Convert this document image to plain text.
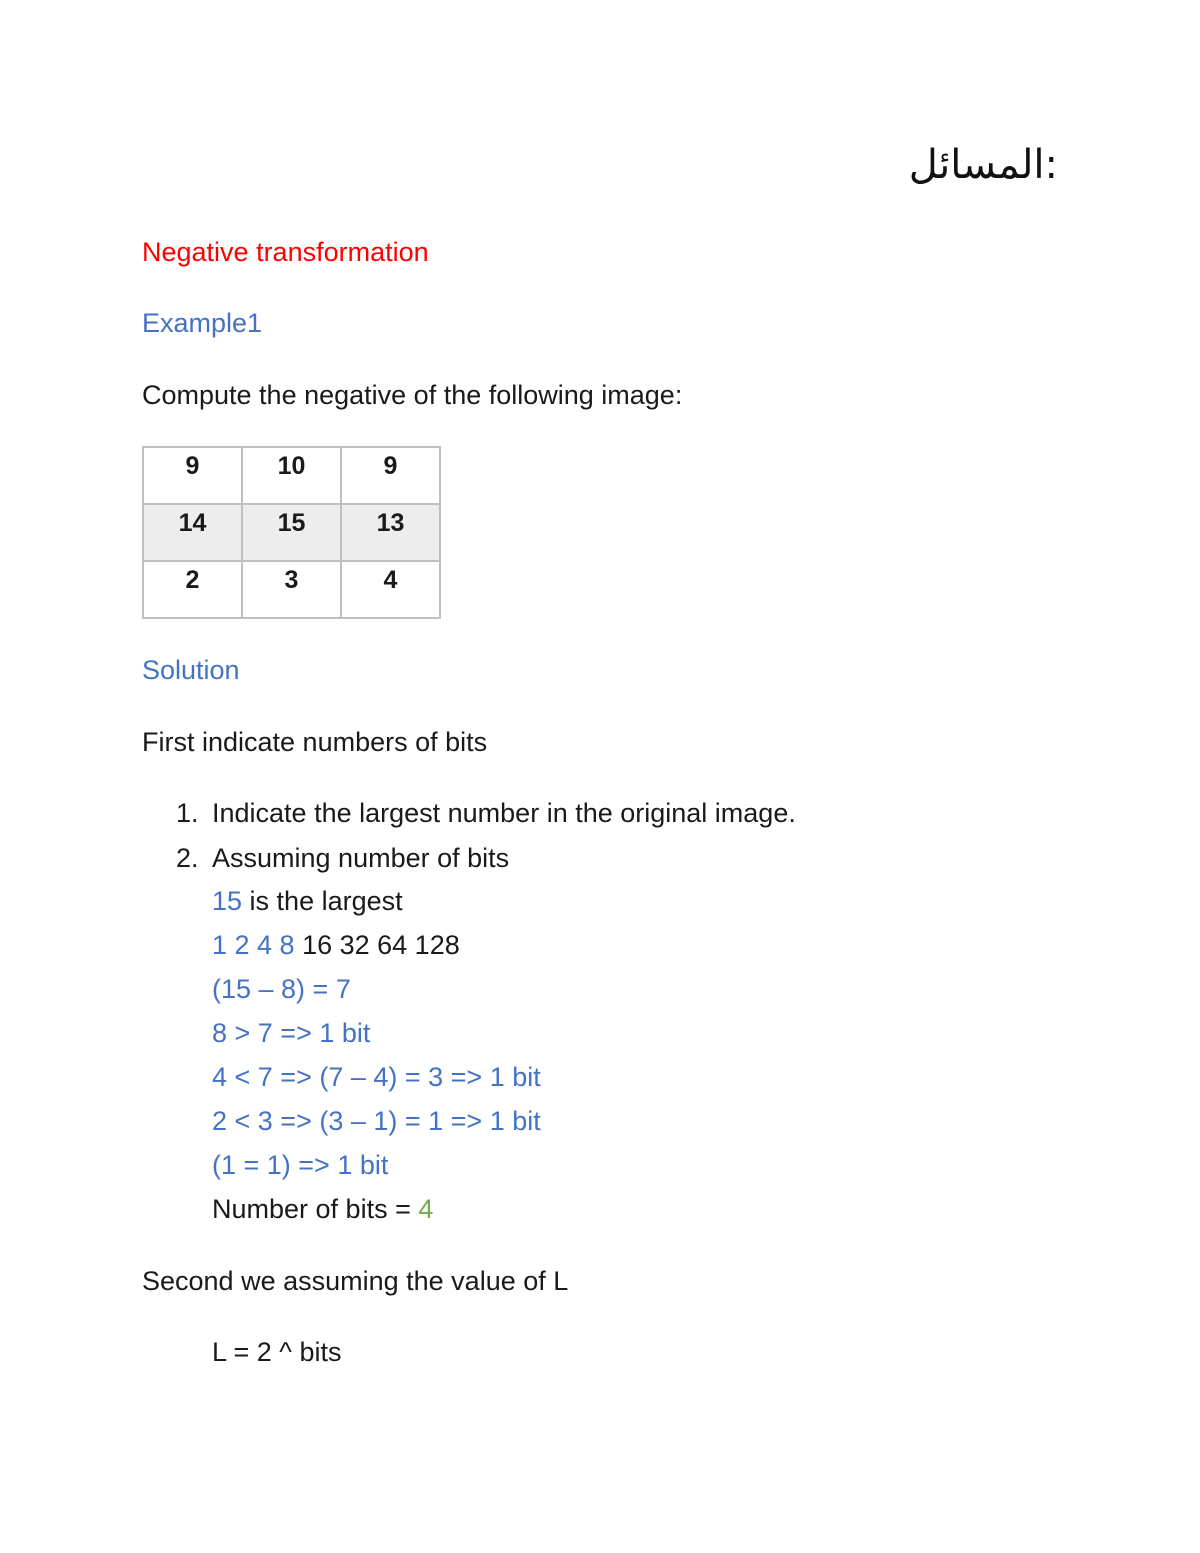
:المسائل
Negative transformation
Example1
Compute the negative of the following image:
9	10	9
14	15	13
2	3	4
Solution
First indicate numbers of bits
1. Indicate the largest number in the original image.
2. Assuming number of bits
15 is the largest
1 2 4 8 16 32 64 128
(15 – 8) = 7
8 > 7 => 1 bit
4 < 7 => (7 – 4) = 3 => 1 bit
2 < 3 => (3 – 1) = 1 => 1 bit
(1 = 1) => 1 bit
Number of bits = 4
Second we assuming the value of L
L = 2 ^ bits
